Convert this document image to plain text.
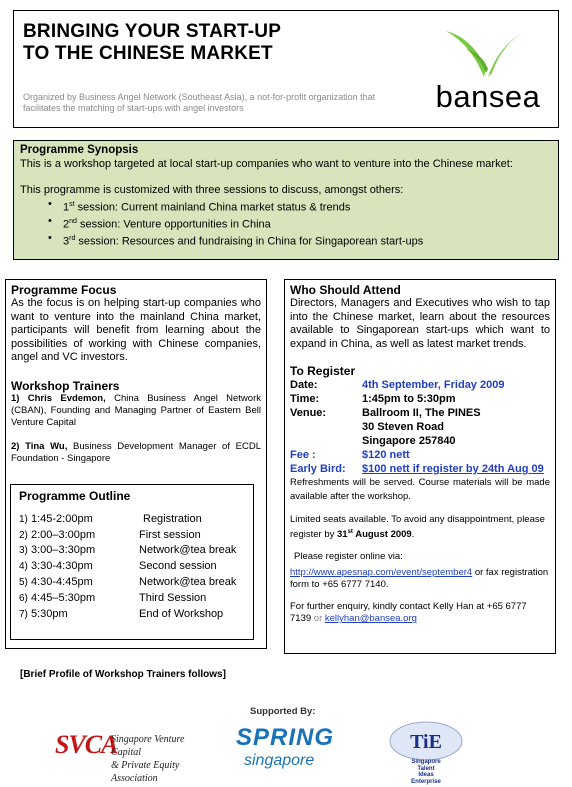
BRINGING YOUR START-UP
TO THE CHINESE MARKET
Organized by Business Angel Network (Southeast Asia), a not-for-profit organization that facilitates the matching of start-ups with angel investors	bansea
Programme Synopsis
This is a workshop targeted at local start-up companies who want to venture into the Chinese market:
This programme is customized with three sessions to discuss, amongst others:
• 1st session: Current mainland China market status & trends
• 2nd session: Venture opportunities in China
• 3rd session: Resources and fundraising in China for Singaporean start-ups
Programme Focus
As the focus is on helping start-up companies who want to venture into the mainland China market, participants will benefit from learning about the possibilities of working with Chinese companies, angel and VC investors.
Workshop Trainers
1) Chris Evdemon, China Business Angel Network (CBAN), Founding and Managing Partner of Eastern Bell Venture Capital
2) Tina Wu, Business Development Manager of ECDL Foundation - Singapore
Programme Outline
1) 1:45-2:00pm	Registration
2) 2:00–3:00pm	First session
3) 3:00–3:30pm	Network@tea break
4) 3:30-4:30pm	Second session
5) 4:30-4:45pm	Network@tea break
6) 4:45–5:30pm	Third Session
7) 5:30pm	End of Workshop
Who Should Attend
Directors, Managers and Executives who wish to tap into the Chinese market, learn about the resources available to Singaporean start-ups which want to expand in China, as well as latest market trends.
To Register
Date:	4th September, Friday 2009
Time:	1:45pm to 5:30pm
Venue:	Ballroom II, The PINES
30 Steven Road
Singapore 257840
Fee :	$120 nett
Early Bird:	$100 nett if register by 24th Aug 09
Refreshments will be served. Course materials will be made available after the workshop.
Limited seats available. To avoid any disappointment, please register by 31st August 2009.
Please register online via:
http://www.apesnap.com/event/september4 or fax registration form to +65 6777 7140.
For further enquiry, kindly contact Kelly Han at +65 6777 7139 or kellyhan@bansea.org
[Brief Profile of Workshop Trainers follows]
Supported By:
SVCA
Singapore Venture Capital
& Private Equity Association
SPRING
singapore
TiE
Singapore
Talent
Ideas
Enterprise
